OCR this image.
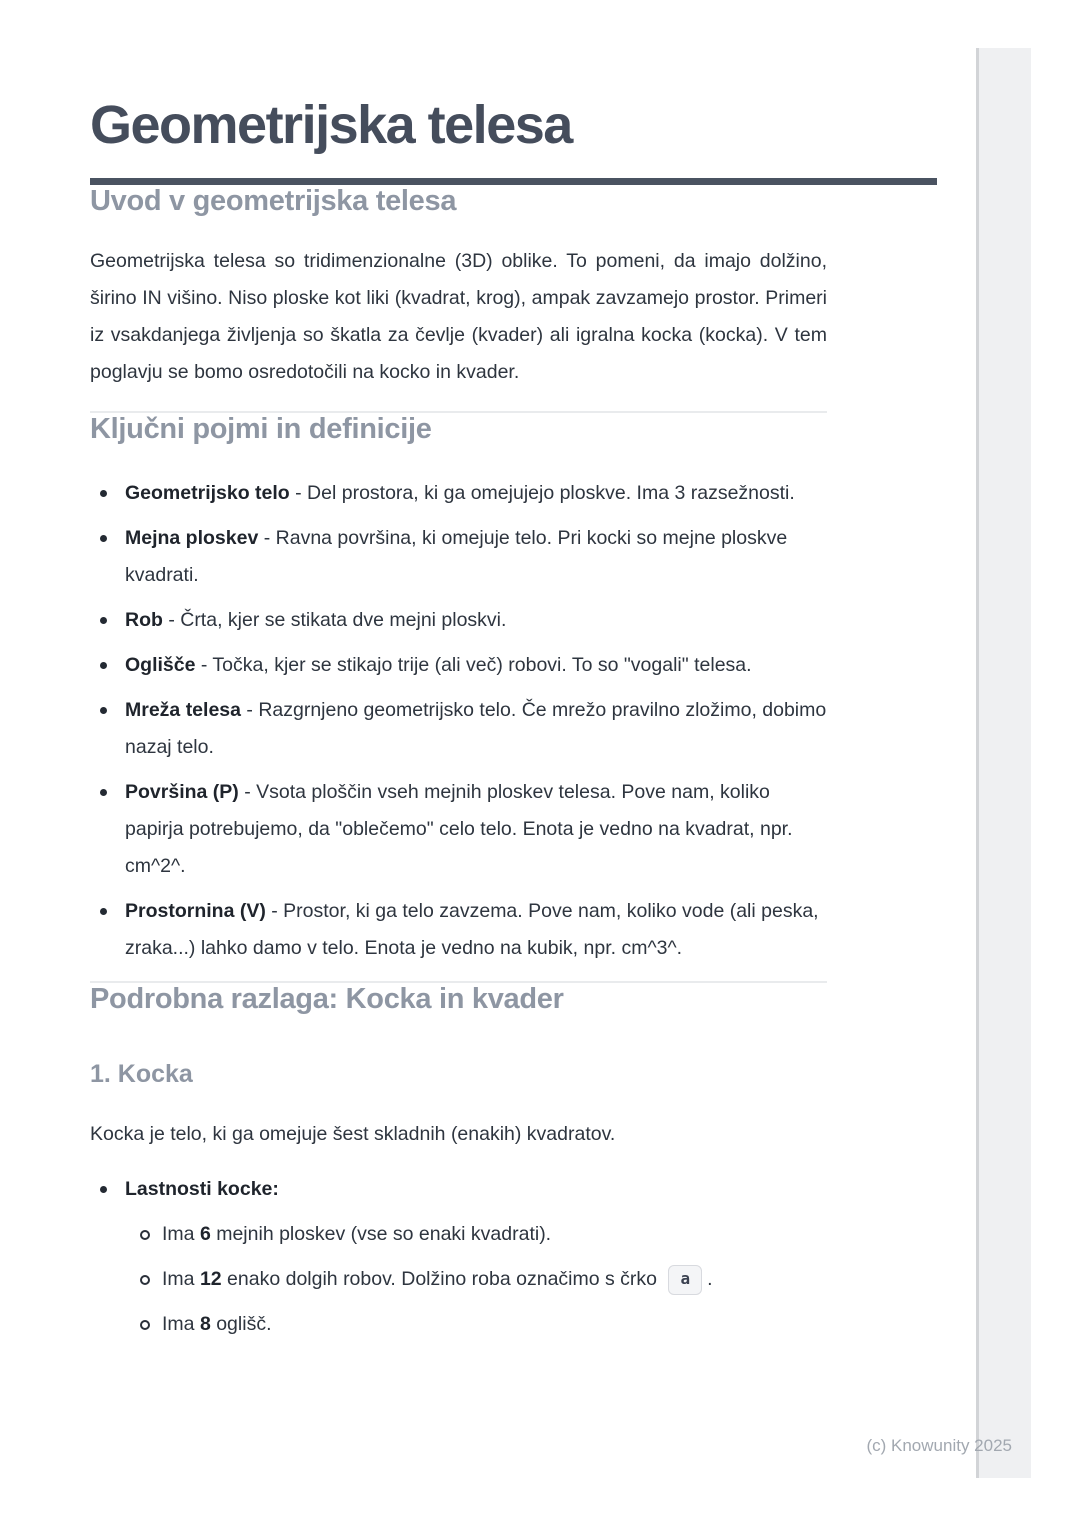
Geometrijska telesa
Uvod v geometrijska telesa

Geometrijska telesa so tridimenzionalne (3D) oblike. To pomeni, da imajo dolžino, širino IN višino. Niso ploske kot liki (kvadrat, krog), ampak zavzamejo prostor. Primeri iz vsakdanjega življenja so škatla za čevlje (kvader) ali igralna kocka (kocka). V tem poglavju se bomo osredotočili na kocko in kvader.

Ključni pojmi in definicije
Geometrijsko telo - Del prostora, ki ga omejujejo ploskve. Ima 3 razsežnosti.
Mejna ploskev - Ravna površina, ki omejuje telo. Pri kocki so mejne ploskve kvadrati.
Rob - Črta, kjer se stikata dve mejni ploskvi.
Oglišče - Točka, kjer se stikajo trije (ali več) robovi. To so "vogali" telesa.
Mreža telesa - Razgrnjeno geometrijsko telo. Če mrežo pravilno zložimo, dobimo nazaj telo.
Površina (P) - Vsota ploščin vseh mejnih ploskev telesa. Pove nam, koliko papirja potrebujemo, da "oblečemo" celo telo. Enota je vedno na kvadrat, npr. cm^2^.
Prostornina (V) - Prostor, ki ga telo zavzema. Pove nam, koliko vode (ali peska, zraka...) lahko damo v telo. Enota je vedno na kubik, npr. cm^3^.
Podrobna razlaga: Kocka in kvader
1. Kocka

Kocka je telo, ki ga omejuje šest skladnih (enakih) kvadratov.

Lastnosti kocke:
Ima 6 mejnih ploskev (vse so enaki kvadrati).
Ima 12 enako dolgih robov. Dolžino roba označimo s črko a .
Ima 8 oglišč.
(c) Knowunity 2025
